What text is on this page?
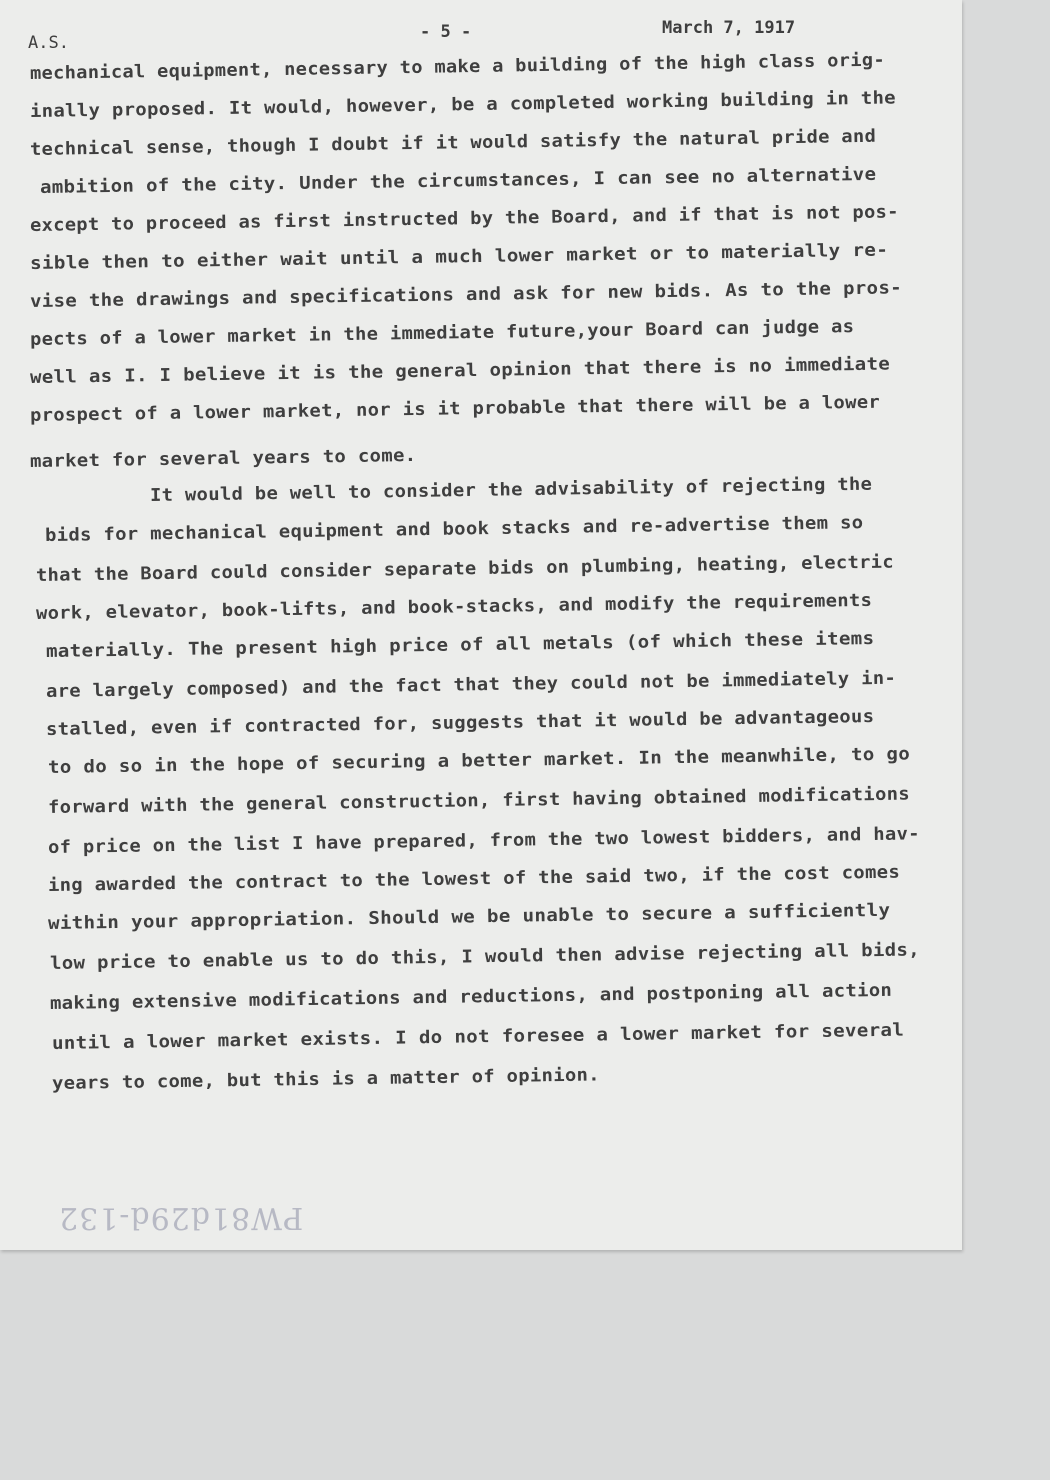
A.S.
- 5 -	March 7, 1917
mechanical equipment, necessary to make a building of the high class orig-
inally proposed. It would, however, be a completed working building in the
technical sense, though I doubt if it would satisfy the natural pride and
ambition of the city. Under the circumstances, I can see no alternative
except to proceed as first instructed by the Board, and if that is not pos-
sible then to either wait until a much lower market or to materially re-
vise the drawings and specifications and ask for new bids. As to the pros-
pects of a lower market in the immediate future,your Board can judge as
well as I. I believe it is the general opinion that there is no immediate
prospect of a lower market, nor is it probable that there will be a lower
market for several years to come.
It would be well to consider the advisability of rejecting the
bids for mechanical equipment and book stacks and re-advertise them so
that the Board could consider separate bids on plumbing, heating, electric
work, elevator, book-lifts, and book-stacks, and modify the requirements
materially. The present high price of all metals (of which these items
are largely composed) and the fact that they could not be immediately in-
stalled, even if contracted for, suggests that it would be advantageous
to do so in the hope of securing a better market. In the meanwhile, to go
forward with the general construction, first having obtained modifications
of price on the list I have prepared, from the two lowest bidders, and hav-
ing awarded the contract to the lowest of the said two, if the cost comes
within your appropriation. Should we be unable to secure a sufficiently
low price to enable us to do this, I would then advise rejecting all bids,
making extensive modifications and reductions, and postponing all action
until a lower market exists. I do not foresee a lower market for several
years to come, but this is a matter of opinion.
PW81d29d-132
